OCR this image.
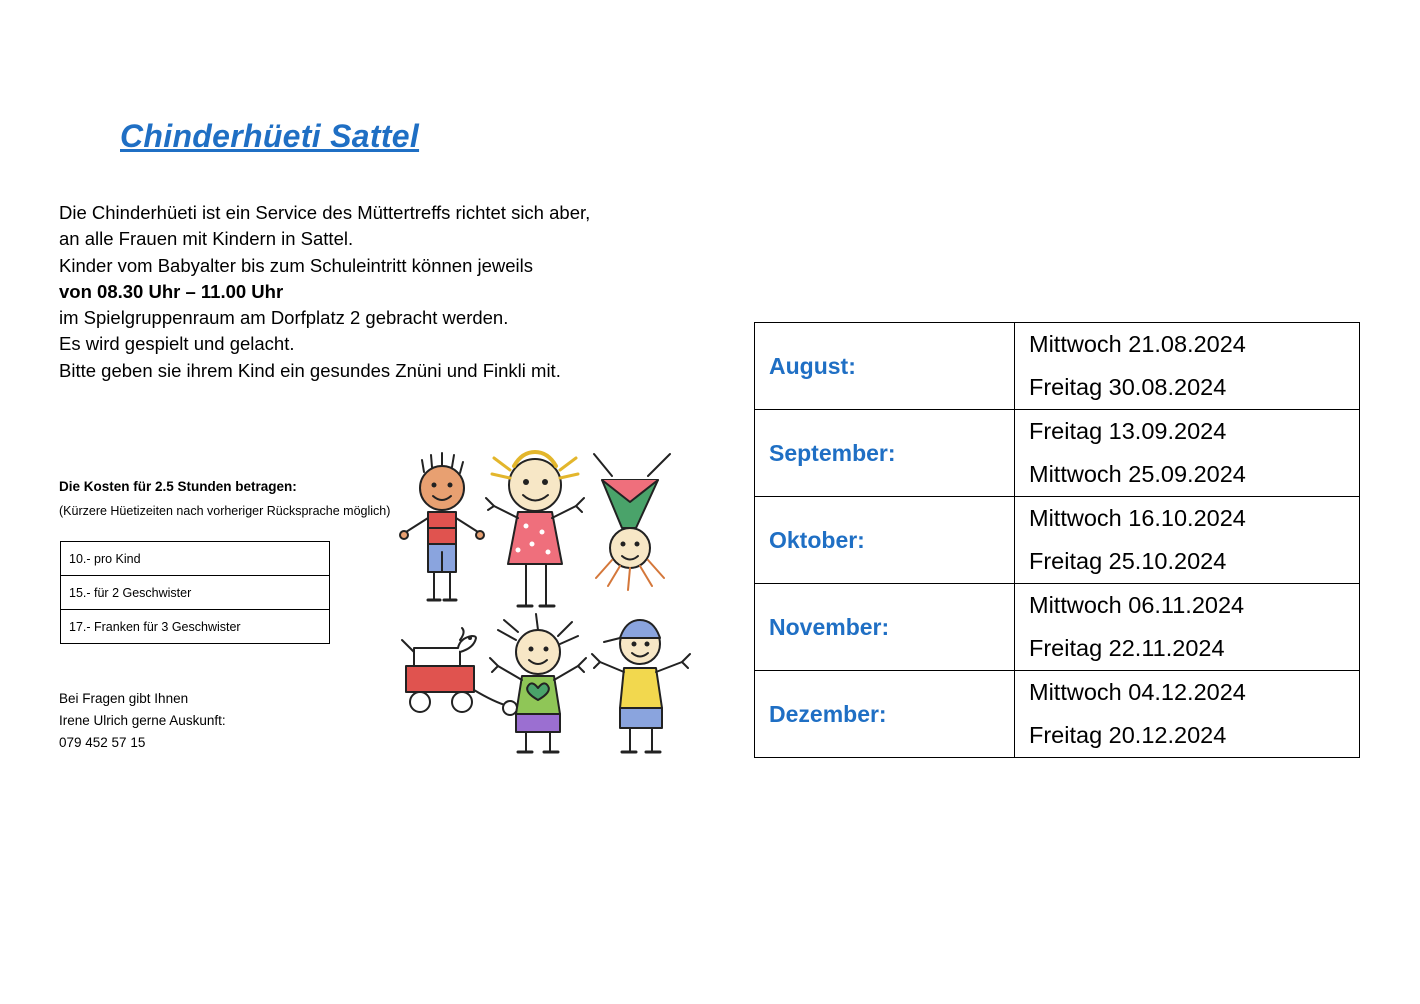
Chinderhüeti Sattel
Die Chinderhüeti ist ein Service des Müttertreffs richtet sich aber,
an alle Frauen mit Kindern in Sattel.
Kinder vom Babyalter bis zum Schuleintritt können jeweils
von 08.30 Uhr – 11.00 Uhr
im Spielgruppenraum am Dorfplatz 2 gebracht werden.
Es wird gespielt und gelacht.
Bitte geben sie ihrem Kind ein gesundes Znüni und Finkli mit.
Die Kosten für 2.5 Stunden betragen:
(Kürzere Hüetizeiten nach vorheriger Rücksprache möglich)
10.- pro Kind
15.- für 2 Geschwister
17.- Franken für 3 Geschwister
Bei Fragen gibt Ihnen
Irene Ulrich gerne Auskunft:
079 452 57 15
August:	Mittwoch 21.08.2024
Freitag 30.08.2024

September:	Freitag 13.09.2024
Mittwoch 25.09.2024

Oktober:	Mittwoch 16.10.2024
Freitag 25.10.2024

November:	Mittwoch 06.11.2024
Freitag 22.11.2024

Dezember:	Mittwoch 04.12.2024
Freitag 20.12.2024
